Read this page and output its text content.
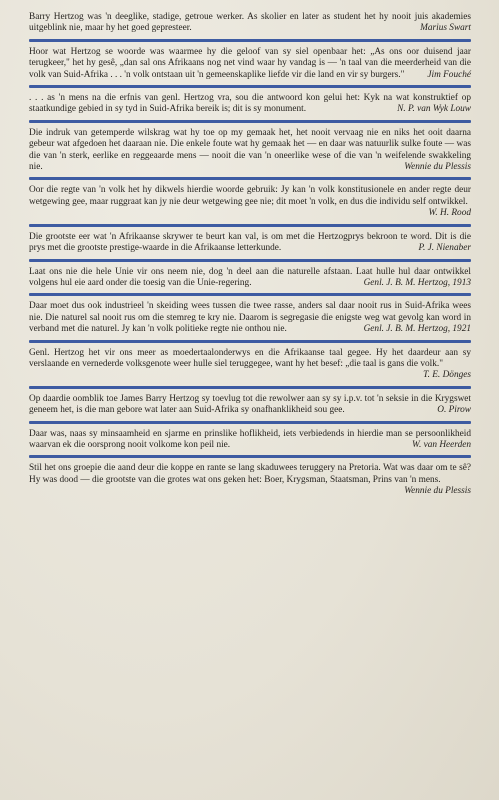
Barry Hertzog was 'n deeglike, stadige, getroue werker. As skolier en later as student het hy nooit juis akademies uitgeblink nie, maar hy het goed gepresteer.	Marius Swart

Hoor wat Hertzog se woorde was waarmee hy die geloof van sy siel openbaar het: „As ons oor duisend jaar terugkeer," het hy gesê, „dan sal ons Afrikaans nog net vind waar hy vandag is — 'n taal van die meerderheid van die volk van Suid-Afrika . . . 'n volk ontstaan uit 'n gemeenskaplike liefde vir die land en vir sy burgers." Jim Fouché

. . . as 'n mens na die erfnis van genl. Hertzog vra, sou die antwoord kon gelui het: Kyk na wat konstruktief op staatkundige gebied in sy tyd in Suid-Afrika bereik is; dit is sy monument.	N. P. van Wyk Louw

Die indruk van getemperde wilskrag wat hy toe op my gemaak het, het nooit vervaag nie en niks het ooit daarna gebeur wat afgedoen het daaraan nie. Die enkele foute wat hy gemaak het — en daar was natuurlik sulke foute — was die van 'n sterk, eerlike en reggeaarde mens — nooit die van 'n oneerlike wese of die van 'n weifelende swakkeling nie.	Wennie du Plessis

Oor die regte van 'n volk het hy dikwels hierdie woorde gebruik: Jy kan 'n volk konstitusionele en ander regte deur wetgewing gee, maar ruggraat kan jy nie deur wetgewing gee nie; dit moet 'n volk, en dus die individu self ontwikkel.
W. H. Rood

Die grootste eer wat 'n Afrikaanse skrywer te beurt kan val, is om met die Hertzogprys bekroon te word. Dit is die prys met die grootste prestige-waarde in die Afrikaanse letterkunde.	P. J. Nienaber

Laat ons nie die hele Unie vir ons neem nie, dog 'n deel aan die naturelle afstaan. Laat hulle hul daar ontwikkel volgens hul eie aard onder die toesig van die Unie-regering.	Genl. J. B. M. Hertzog, 1913

Daar moet dus ook industrieel 'n skeiding wees tussen die twee rasse, anders sal daar nooit rus in Suid-Afrika wees nie. Die naturel sal nooit rus om die stemreg te kry nie. Daarom is segregasie die enigste weg wat gevolg kan word in verband met die naturel. Jy kan 'n volk politieke regte nie onthou nie.	Genl. J. B. M. Hertzog, 1921

Genl. Hertzog het vir ons meer as moedertaalonderwys en die Afrikaanse taal gegee. Hy het daardeur aan sy verslaande en vernederde volksgenote weer hulle siel teruggegee, want hy het besef: „die taal is gans die volk."
T. E. Dönges

Op daardie oomblik toe James Barry Hertzog sy toevlug tot die rewolwer aan sy sy i.p.v. tot 'n seksie in die Krygswet geneem het, is die man gebore wat later aan Suid-Afrika sy onafhanklikheid sou gee.	O. Pirow

Daar was, naas sy minsaamheid en sjarme en prinslike hoflikheid, iets verbiedends in hierdie man se persoonlikheid waarvan ek die oorsprong nooit volkome kon peil nie.	W. van Heerden

Stil het ons groepie die aand deur die koppe en rante se lang skaduwees teruggery na Pretoria. Wat was daar om te sê? Hy was dood — die grootste van die grotes wat ons geken het: Boer, Krygsman, Staatsman, Prins van 'n mens.
Wennie du Plessis
